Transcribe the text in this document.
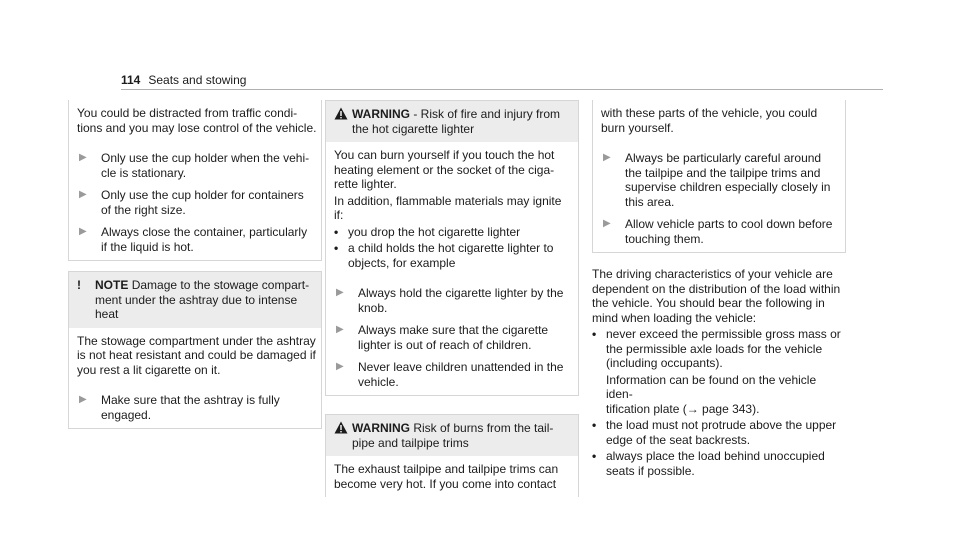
114 Seats and stowing

You could be distracted from traffic condi-
tions and you may lose control of the vehicle.

▶	Only use the cup holder when the vehi-
cle is stationary.
▶	Only use the cup holder for containers
of the right size.
▶	Always close the container, particularly
if the liquid is hot.
!	NOTE Damage to the stowage compart-
ment under the ashtray due to intense
heat

The stowage compartment under the ashtray
is not heat resistant and could be damaged if
you rest a lit cigarette on it.

▶	Make sure that the ashtray is fully
engaged.
WARNING - Risk of fire and injury from
the hot cigarette lighter

You can burn yourself if you touch the hot
heating element or the socket of the ciga-
rette lighter.

In addition, flammable materials may ignite
if:

• you drop the hot cigarette lighter
• a child holds the hot cigarette lighter to
objects, for example
▶	Always hold the cigarette lighter by the
knob.
▶	Always make sure that the cigarette
lighter is out of reach of children.
▶	Never leave children unattended in the
vehicle.
WARNING Risk of burns from the tail-
pipe and tailpipe trims

The exhaust tailpipe and tailpipe trims can
become very hot. If you come into contact

with these parts of the vehicle, you could
burn yourself.

▶	Always be particularly careful around
the tailpipe and the tailpipe trims and
supervise children especially closely in
this area.
▶	Allow vehicle parts to cool down before
touching them.

The driving characteristics of your vehicle are
dependent on the distribution of the load within
the vehicle. You should bear the following in
mind when loading the vehicle:

• never exceed the permissible gross mass or
the permissible axle loads for the vehicle
(including occupants).
Information can be found on the vehicle iden-
tification plate (→ page 343).
• the load must not protrude above the upper
edge of the seat backrests.
• always place the load behind unoccupied
seats if possible.
